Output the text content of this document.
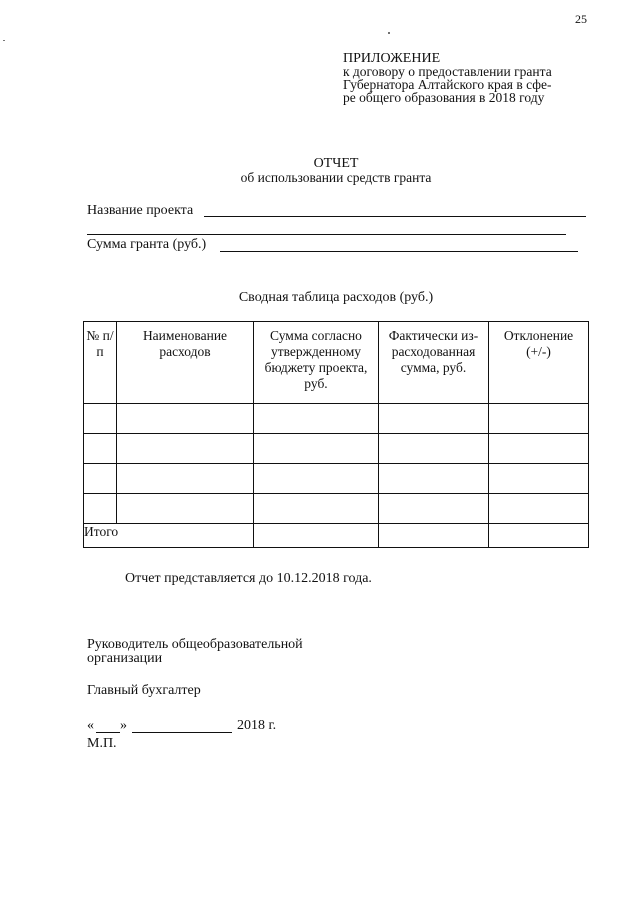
25
ПРИЛОЖЕНИЕ
к договору о предоставлении гранта
Губернатора Алтайского края в сфе-
ре общего образования в 2018 году
ОТЧЕТ
об использовании средств гранта
Название проекта
Сумма гранта (руб.)
Сводная таблица расходов (руб.)
№ п/п	Наименование расходов	Сумма согласно утвержденному бюджету проекта, руб.	Фактически из-расходованная сумма, руб.	Отклонение (+/-)

Итого				
Отчет представляется до 10.12.2018 года.
Руководитель общеобразовательной
организации
Главный бухгалтер
« »	2018 г.
М.П.
